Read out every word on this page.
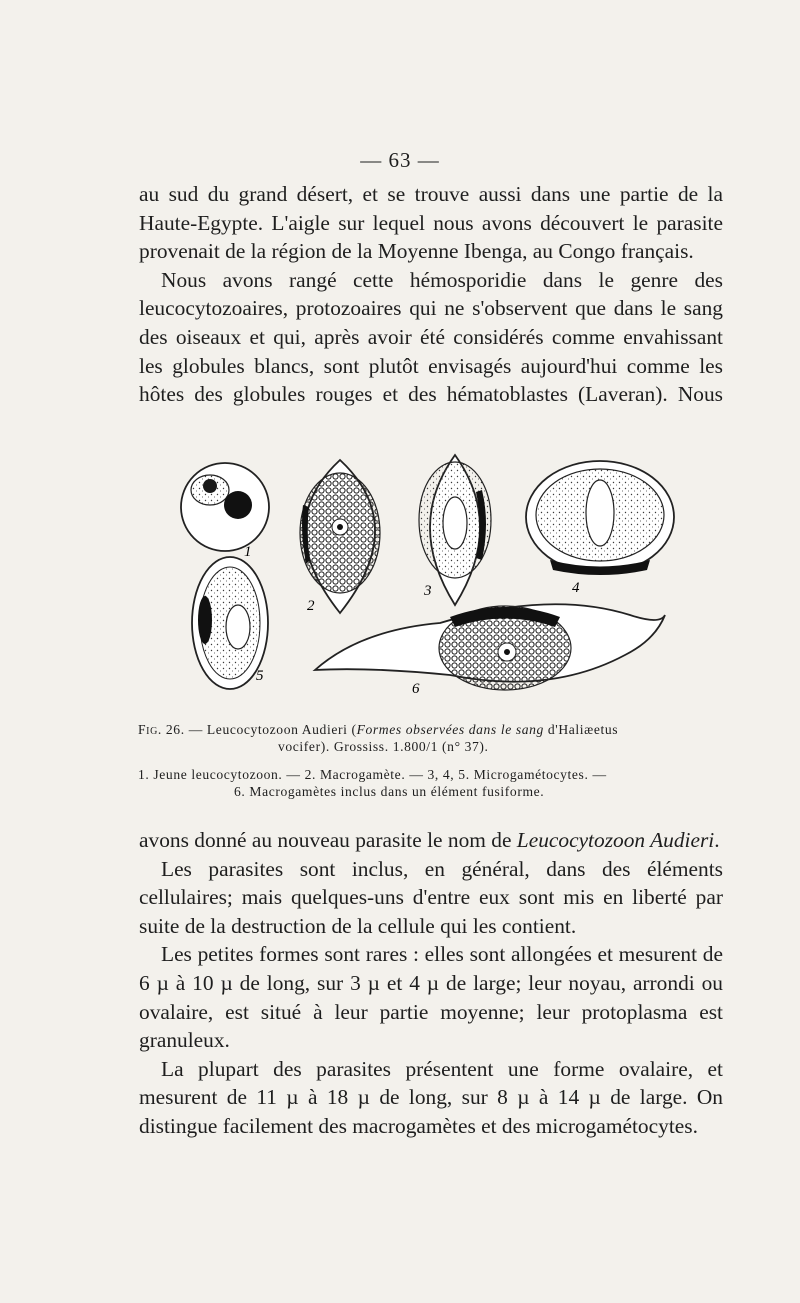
— 63 —

au sud du grand désert, et se trouve aussi dans une partie de la Haute-Egypte. L'aigle sur lequel nous avons découvert le parasite provenait de la région de la Moyenne Ibenga, au Congo français.

Nous avons rangé cette hémosporidie dans le genre des leucocytozoaires, protozoaires qui ne s'observent que dans le sang des oiseaux et qui, après avoir été considérés comme envahissant les globules blancs, sont plutôt envisagés aujourd'hui comme les hôtes des globules rouges et des hématoblastes (Laveran). Nous

1
2
3	4
5
6
Fig. 26. — Leucocytozoon Audieri (Formes observées dans le sang d'Haliæetus
vocifer). Grossiss. 1.800/1 (n° 37).
1. Jeune leucocytozoon. — 2. Macrogamète. — 3, 4, 5. Microgamétocytes. —
6. Macrogamètes inclus dans un élément fusiforme.

avons donné au nouveau parasite le nom de Leucocytozoon Audieri.

Les parasites sont inclus, en général, dans des éléments cellulaires; mais quelques-uns d'entre eux sont mis en liberté par suite de la destruction de la cellule qui les contient.

Les petites formes sont rares : elles sont allongées et mesurent de 6 µ à 10 µ de long, sur 3 µ et 4 µ de large; leur noyau, arrondi ou ovalaire, est situé à leur partie moyenne; leur protoplasma est granuleux.

La plupart des parasites présentent une forme ovalaire, et mesurent de 11 µ à 18 µ de long, sur 8 µ à 14 µ de large. On distingue facilement des macrogamètes et des microgamétocytes.
